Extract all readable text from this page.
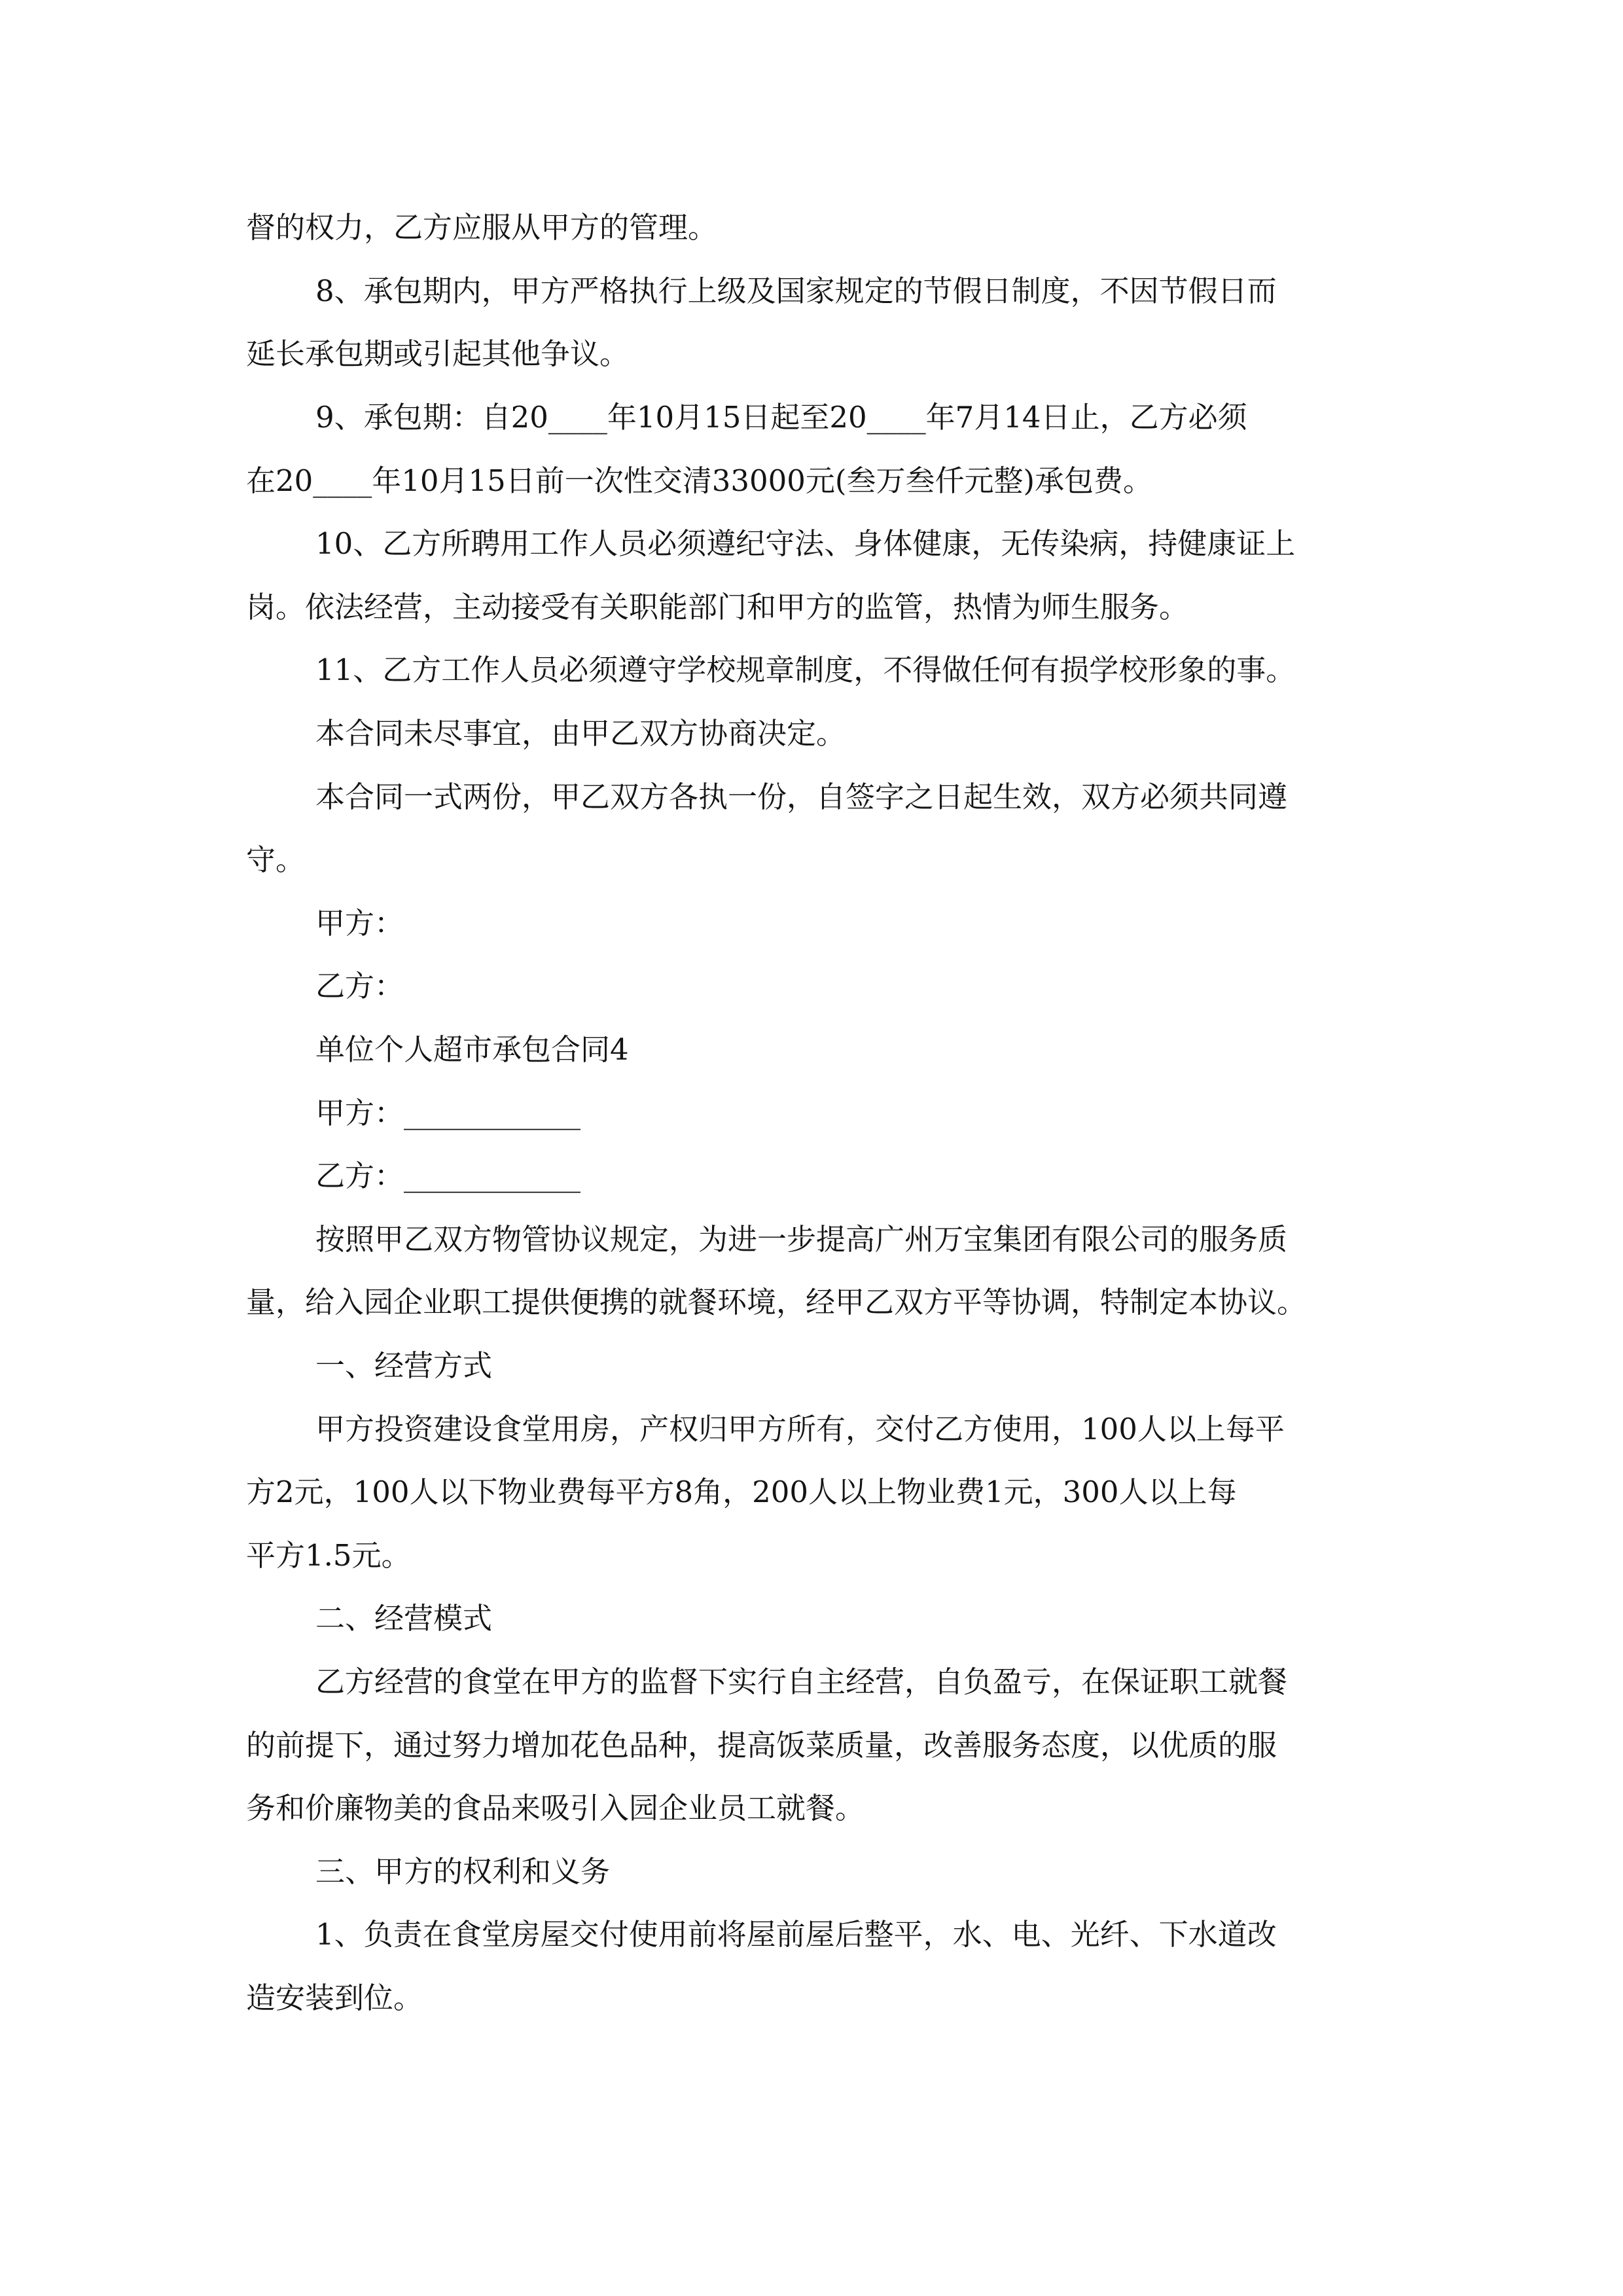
督的权力，乙方应服从甲方的管理。
8、承包期内，甲方严格执行上级及国家规定的节假日制度，不因节假日而
延长承包期或引起其他争议。
9、承包期：自20____年10月15日起至20____年7月14日止，乙方必须
在20____年10月15日前一次性交清33000元(叁万叁仟元整)承包费。
10、乙方所聘用工作人员必须遵纪守法、身体健康，无传染病，持健康证上
岗。依法经营，主动接受有关职能部门和甲方的监管，热情为师生服务。
11、乙方工作人员必须遵守学校规章制度，不得做任何有损学校形象的事。
本合同未尽事宜，由甲乙双方协商决定。
本合同一式两份，甲乙双方各执一份，自签字之日起生效，双方必须共同遵
守。
甲方：
乙方：
单位个人超市承包合同4
甲方：____________
乙方：____________
按照甲乙双方物管协议规定，为进一步提高广州万宝集团有限公司的服务质
量，给入园企业职工提供便携的就餐环境，经甲乙双方平等协调，特制定本协议。
一、经营方式
甲方投资建设食堂用房，产权归甲方所有，交付乙方使用，100人以上每平
方2元，100人以下物业费每平方8角，200人以上物业费1元，300人以上每
平方1.5元。
二、经营模式
乙方经营的食堂在甲方的监督下实行自主经营，自负盈亏，在保证职工就餐
的前提下，通过努力增加花色品种，提高饭菜质量，改善服务态度，以优质的服
务和价廉物美的食品来吸引入园企业员工就餐。
三、甲方的权利和义务
1、负责在食堂房屋交付使用前将屋前屋后整平，水、电、光纤、下水道改
造安装到位。
